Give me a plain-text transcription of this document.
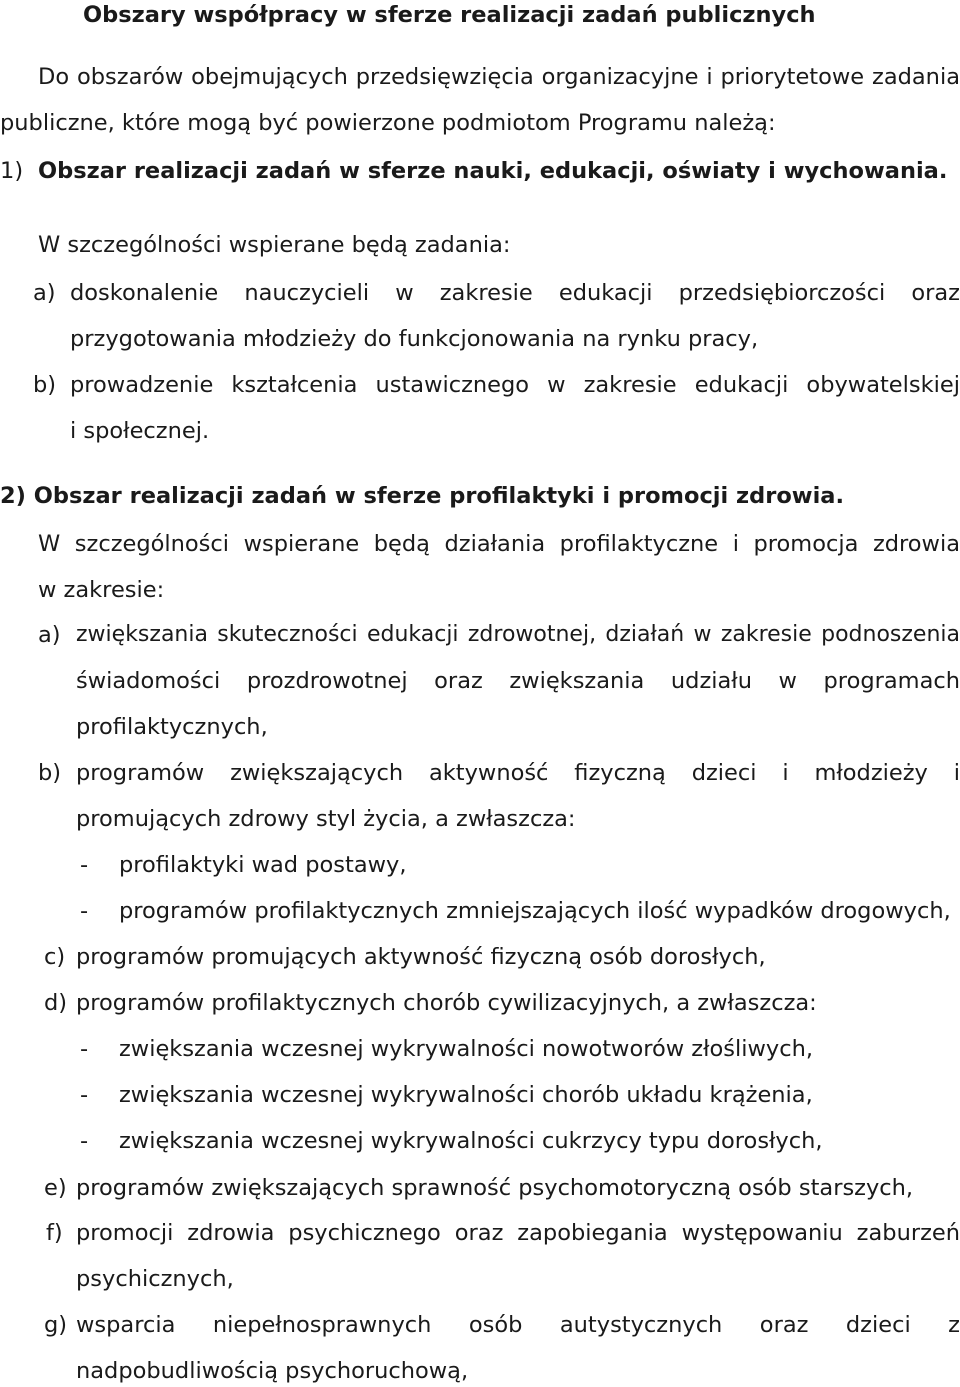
Obszary współpracy w sferze realizacji zadań publicznych
Do obszarów obejmujących przedsięwzięcia organizacyjne i priorytetowe zadania
publiczne, które mogą być powierzone podmiotom Programu należą:
1) Obszar realizacji zadań w sferze nauki, edukacji, oświaty i wychowania.
W szczególności wspierane będą zadania:
a) doskonalenie nauczycieli w zakresie edukacji przedsiębiorczości oraz
przygotowania młodzieży do funkcjonowania na rynku pracy,
b) prowadzenie kształcenia ustawicznego w zakresie edukacji obywatelskiej
i społecznej.
2) Obszar realizacji zadań w sferze profilaktyki i promocji zdrowia.
W szczególności wspierane będą działania profilaktyczne i promocja zdrowia
w zakresie:
a) zwiększania skuteczności edukacji zdrowotnej, działań w zakresie podnoszenia
świadomości prozdrowotnej oraz zwiększania udziału w programach
profilaktycznych,
b) programów zwiększających aktywność fizyczną dzieci i młodzieży i
promujących zdrowy styl życia, a zwłaszcza:
- profilaktyki wad postawy,
- programów profilaktycznych zmniejszających ilość wypadków drogowych,
c) programów promujących aktywność fizyczną osób dorosłych,
d) programów profilaktycznych chorób cywilizacyjnych, a zwłaszcza:
- zwiększania wczesnej wykrywalności nowotworów złośliwych,
- zwiększania wczesnej wykrywalności chorób układu krążenia,
- zwiększania wczesnej wykrywalności cukrzycy typu dorosłych,
e) programów zwiększających sprawność psychomotoryczną osób starszych,
f) promocji zdrowia psychicznego oraz zapobiegania występowaniu zaburzeń
psychicznych,
g) wsparcia niepełnosprawnych osób autystycznych oraz dzieci z
nadpobudliwością psychoruchową,
